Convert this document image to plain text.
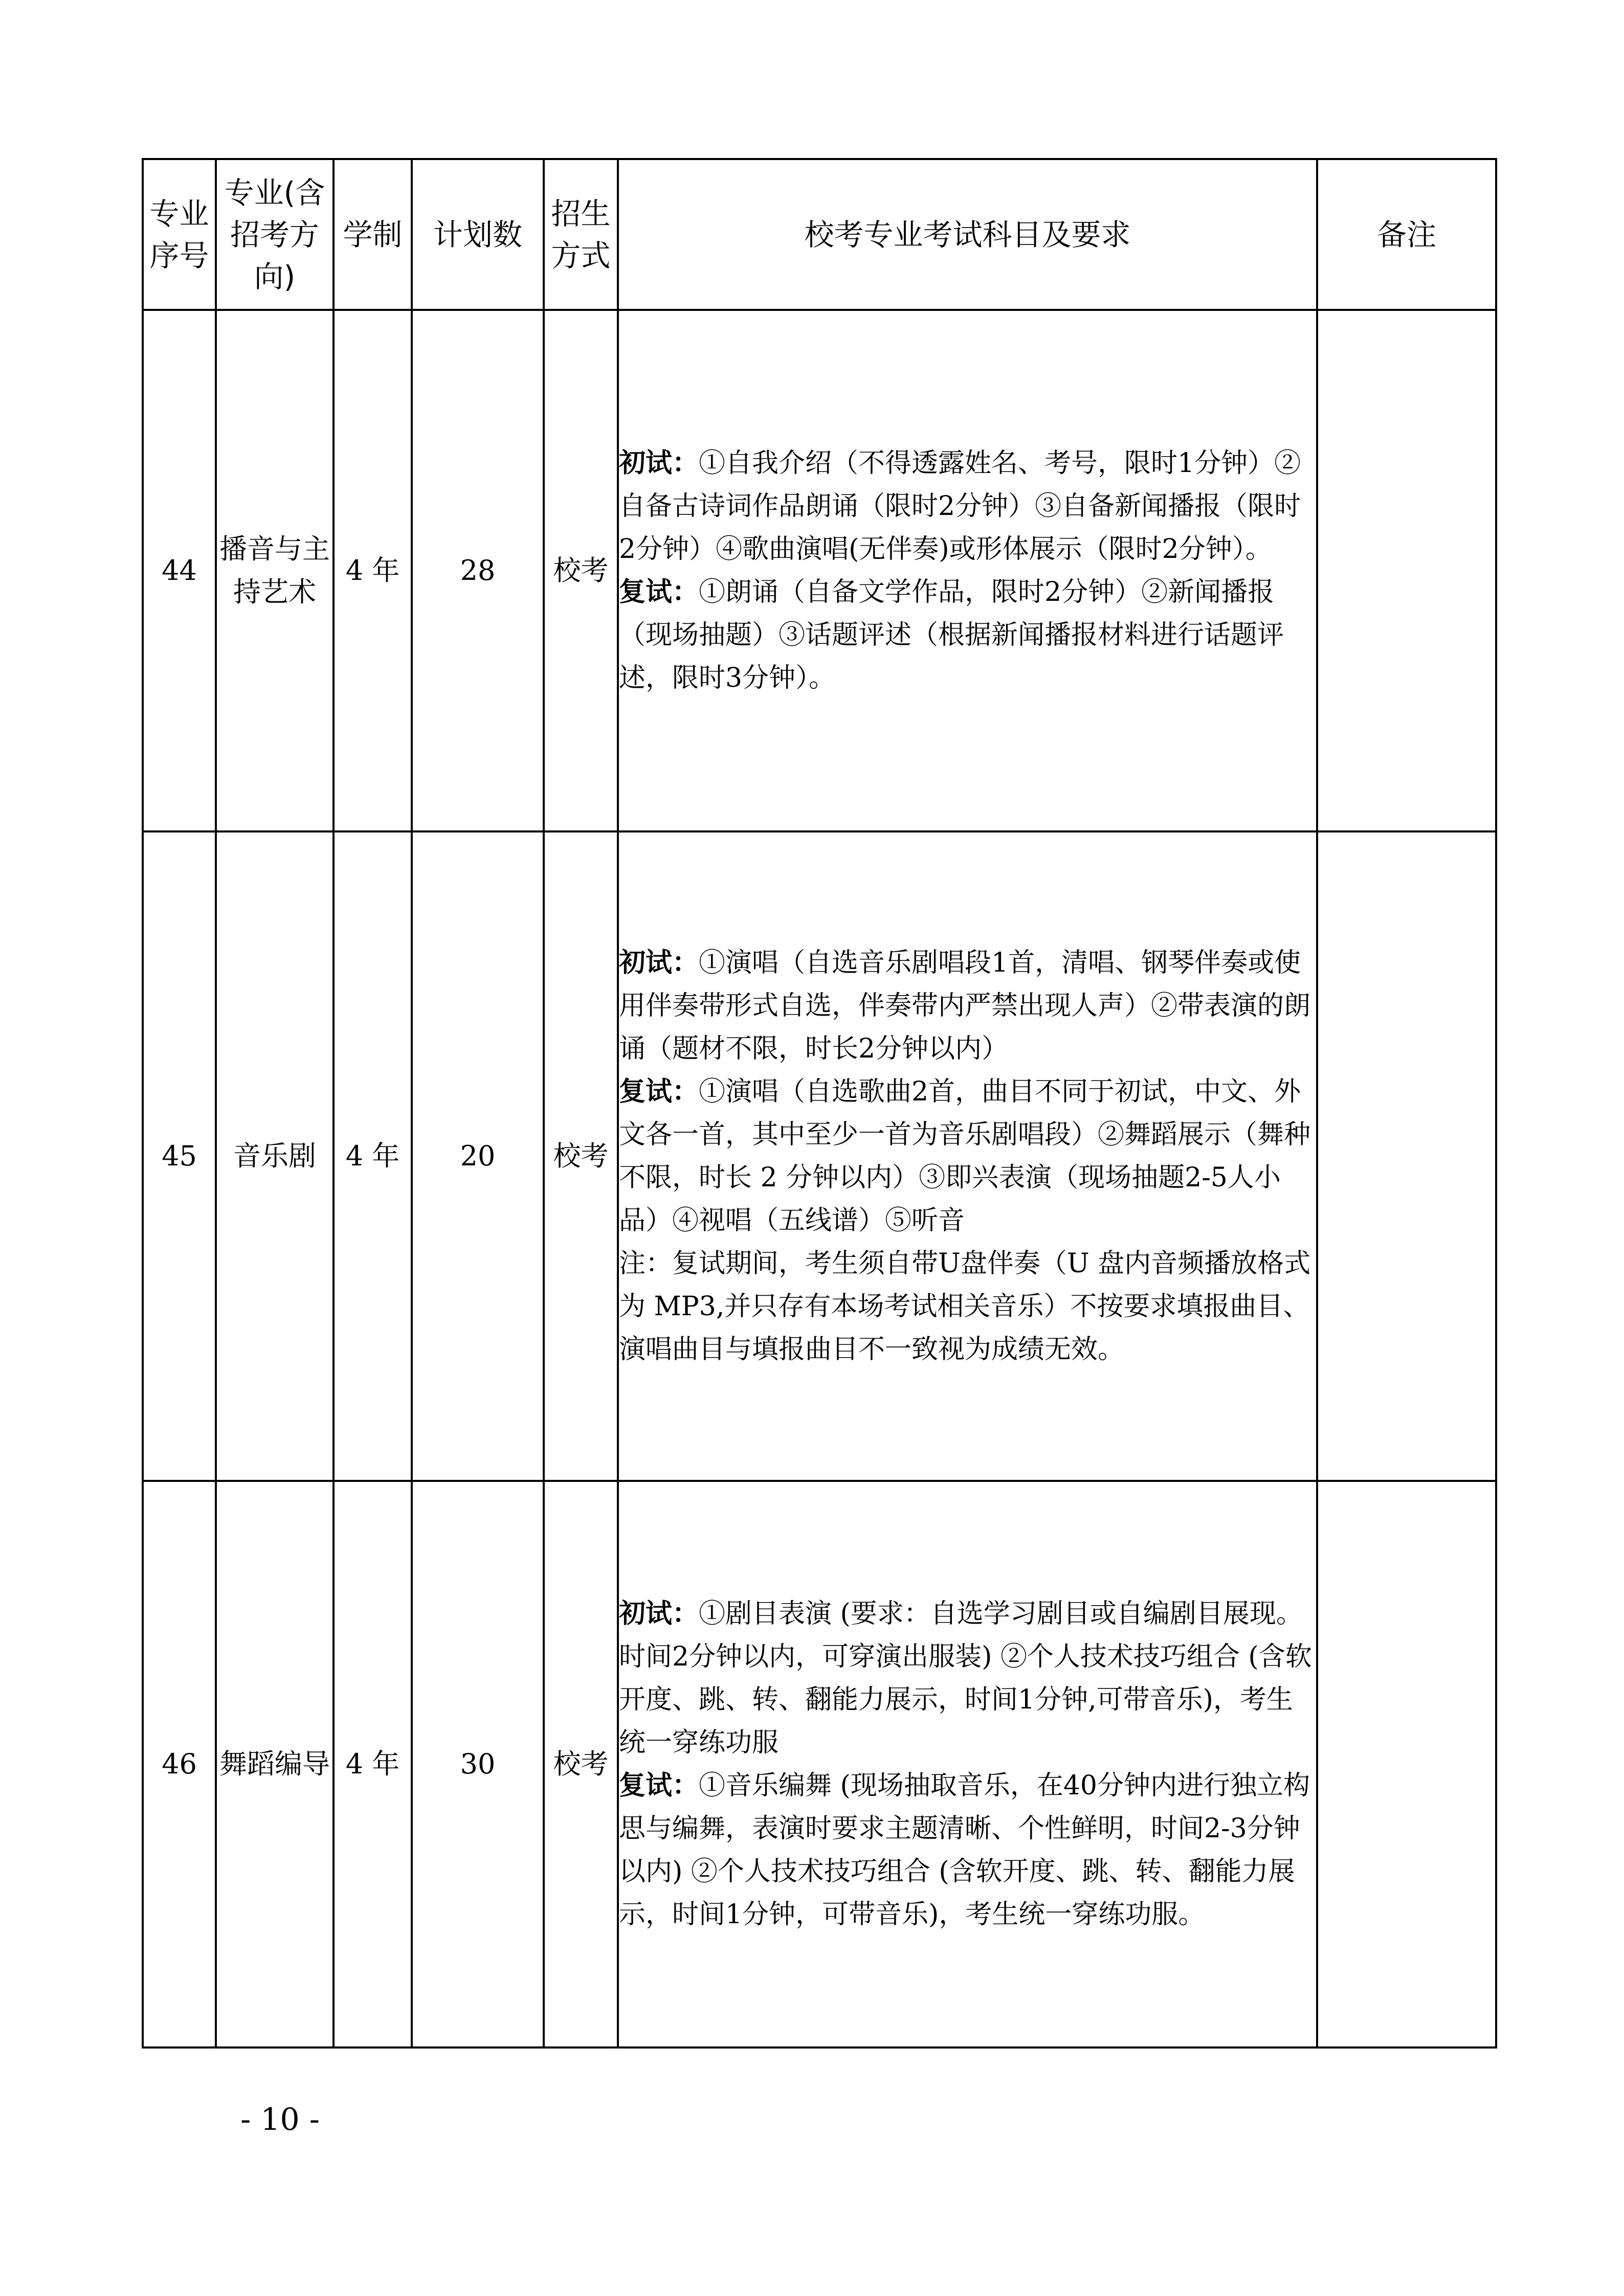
专业序号	专业(含招考方向)	学制	计划数	招生方式	校考专业考试科目及要求	备注
44	播音与主持艺术	4 年	28	校考	初试：①自我介绍（不得透露姓名、考号，限时1分钟）②自备古诗词作品朗诵（限时2分钟）③自备新闻播报（限时2分钟）④歌曲演唱(无伴奏)或形体展示（限时2分钟）。
复试：①朗诵（自备文学作品，限时2分钟）②新闻播报（现场抽题）③话题评述（根据新闻播报材料进行话题评述，限时3分钟）。	

45	音乐剧	4 年	20	校考	初试：①演唱（自选音乐剧唱段1首，清唱、钢琴伴奏或使用伴奏带形式自选，伴奏带内严禁出现人声）②带表演的朗诵（题材不限，时长2分钟以内）
复试：①演唱（自选歌曲2首，曲目不同于初试，中文、外文各一首，其中至少一首为音乐剧唱段）②舞蹈展示（舞种不限，时长 2 分钟以内）③即兴表演（现场抽题2-5人小品）④视唱（五线谱）⑤听音
注：复试期间，考生须自带U盘伴奏（U 盘内音频播放格式为 MP3,并只存有本场考试相关音乐）不按要求填报曲目、演唱曲目与填报曲目不一致视为成绩无效。	

46	舞蹈编导	4 年	30	校考	初试：①剧目表演 (要求：自选学习剧目或自编剧目展现。时间2分钟以内，可穿演出服装) ②个人技术技巧组合 (含软开度、跳、转、翻能力展示，时间1分钟,可带音乐)，考生统一穿练功服
复试：①音乐编舞 (现场抽取音乐，在40分钟内进行独立构思与编舞，表演时要求主题清晰、个性鲜明，时间2-3分钟以内) ②个人技术技巧组合 (含软开度、跳、转、翻能力展示，时间1分钟，可带音乐)，考生统一穿练功服。	

- 10 -
